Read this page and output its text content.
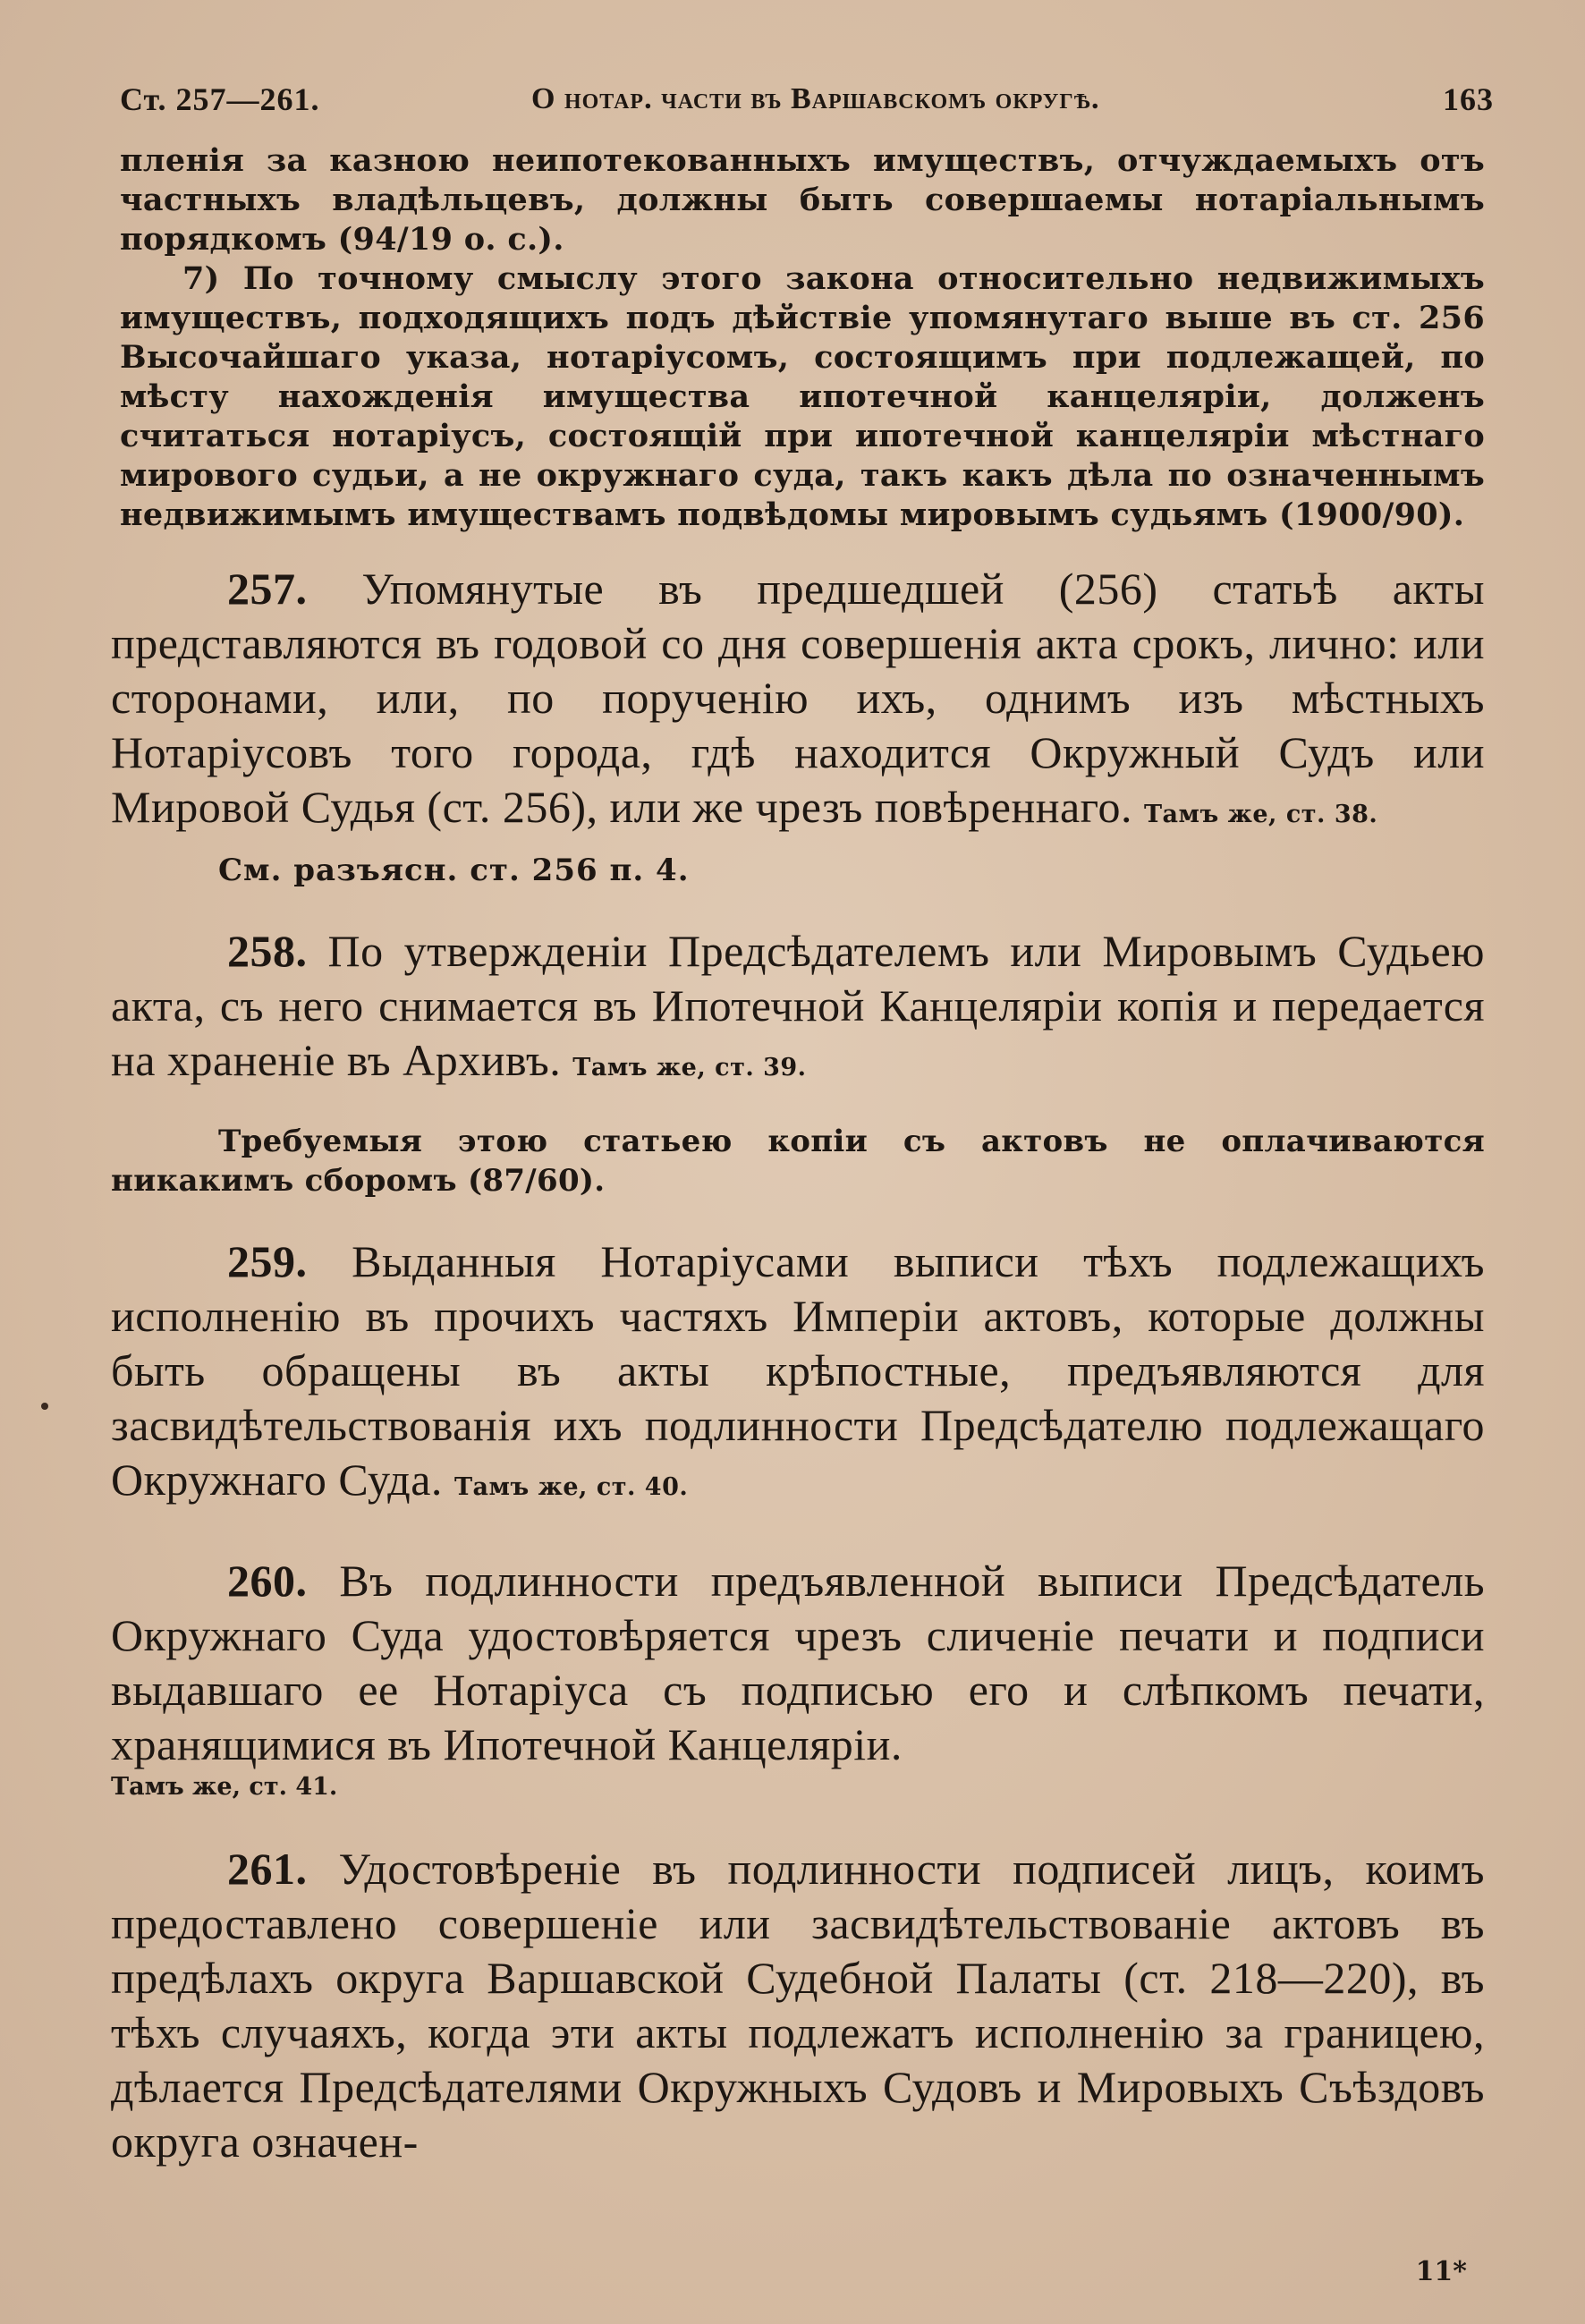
Ст. 257—261.	О нотар. части въ Варшавскомъ округѣ.	163
пленія за казною неипотекованныхъ имуществъ, отчуждаемыхъ отъ частныхъ владѣльцевъ, должны быть совершаемы нотаріальнымъ порядкомъ (94/19 о. с.).
7) По точному смыслу этого закона относительно недвижимыхъ имуществъ, подходящихъ подъ дѣйствіе упомянутаго выше въ ст. 256 Высочайшаго указа, нотаріусомъ, состоящимъ при подлежащей, по мѣсту нахожденія имущества ипотечной канцеляріи, долженъ считаться нотаріусъ, состоящій при ипотечной канцеляріи мѣстнаго мирового судьи, а не окружнаго суда, такъ какъ дѣла по означеннымъ недвижимымъ имуществамъ подвѣдомы мировымъ судьямъ (1900/90).
257. Упомянутые въ предшедшей (256) статьѣ акты представляются въ годовой со дня совершенія акта срокъ, лично: или сторонами, или, по порученію ихъ, однимъ изъ мѣстныхъ Нотаріусовъ того города, гдѣ находится Окружный Судъ или Мировой Судья (ст. 256), или же чрезъ повѣреннаго. Тамъ же, ст. 38.
См. разъясн. ст. 256 п. 4.
258. По утвержденіи Предсѣдателемъ или Мировымъ Судьею акта, съ него снимается въ Ипотечной Канцеляріи копія и передается на храненіе въ Архивъ. Тамъ же, ст. 39.
Требуемыя этою статьею копіи съ актовъ не оплачиваются никакимъ сборомъ (87/60).
259. Выданныя Нотаріусами выписи тѣхъ подлежащихъ исполненію въ прочихъ частяхъ Имперіи актовъ, которые должны быть обращены въ акты крѣпостные, предъявляются для засвидѣтельствованія ихъ подлинности Предсѣдателю подлежащаго Окружнаго Суда. Тамъ же, ст. 40.
260. Въ подлинности предъявленной выписи Предсѣдатель Окружнаго Суда удостовѣряется чрезъ сличеніе печати и подписи выдавшаго ее Нотаріуса съ подписью его и слѣпкомъ печати, хранящимися въ Ипотечной Канцеляріи.
Тамъ же, ст. 41.
261. Удостовѣреніе въ подлинности подписей лицъ, коимъ предоставлено совершеніе или засвидѣтельствованіе актовъ въ предѣлахъ округа Варшавской Судебной Палаты (ст. 218—220), въ тѣхъ случаяхъ, когда эти акты подлежатъ исполненію за границею, дѣлается Предсѣдателями Окружныхъ Судовъ и Мировыхъ Съѣздовъ округа означен-
11*
